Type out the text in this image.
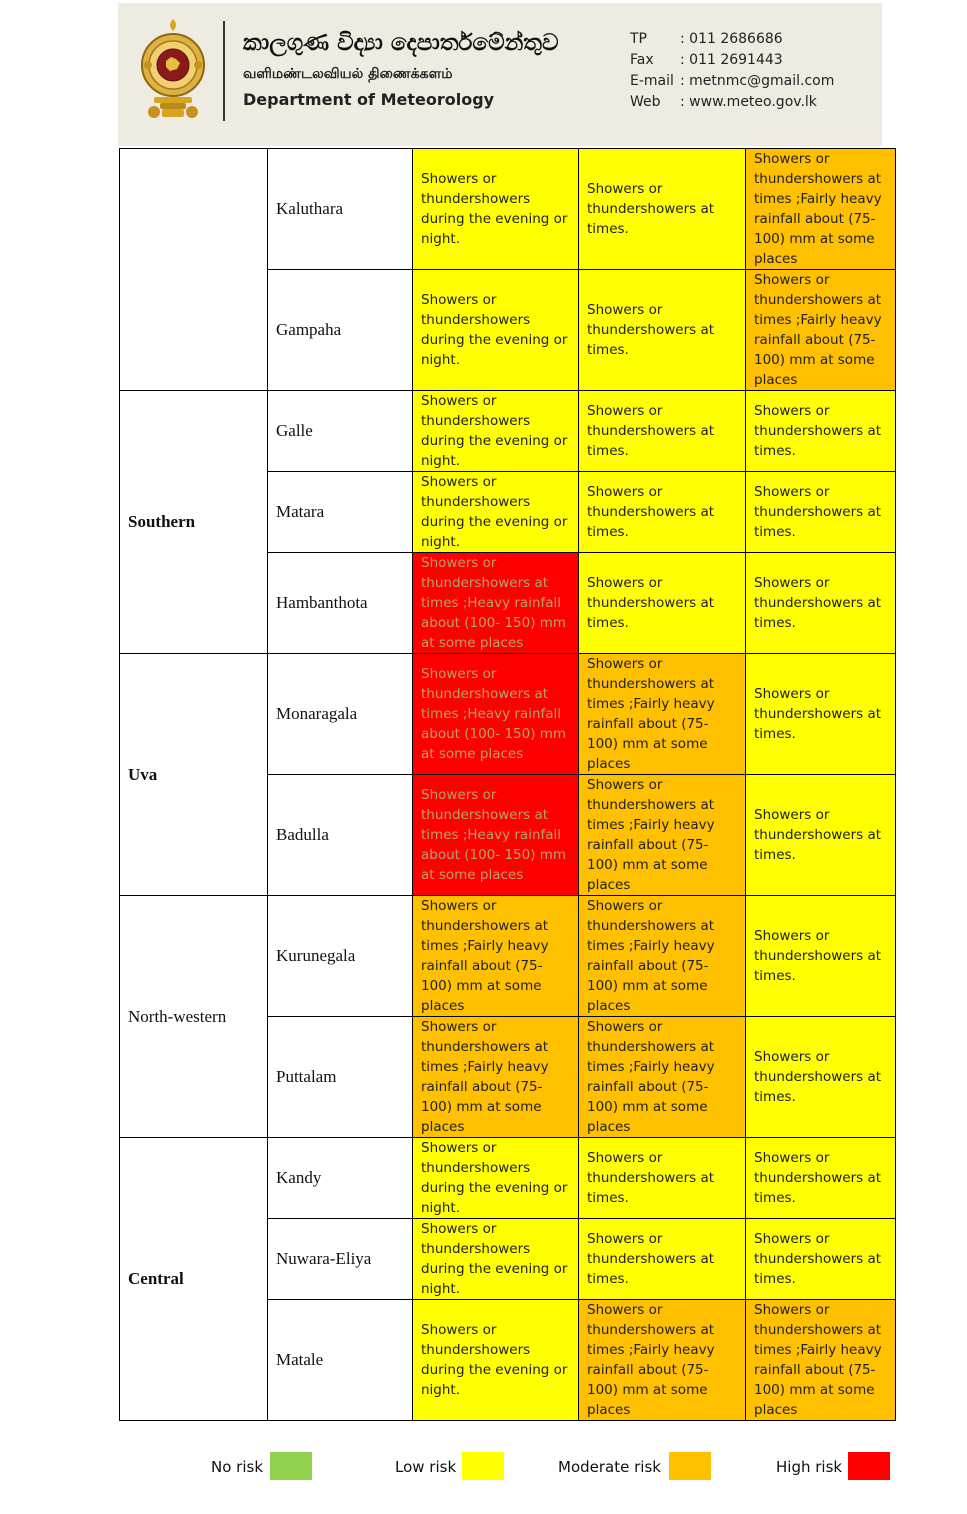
කාලගුණ විද්‍යා දෙපාර්තමේන්තුව
வளிமண்டலவியல் திணைக்களம்
Department of Meteorology
TP	: 011 2686686
Fax	: 011 2691443
E-mail : metnmc@gmail.com
Web	: www.meteo.gov.lk
	Kaluthara	Showers or thundershowers during the evening or night.	Showers or thundershowers at times.	Showers or thundershowers at times ;Fairly heavy rainfall about (75-100) mm at some places
	Gampaha	Showers or thundershowers during the evening or night.	Showers or thundershowers at times.	Showers or thundershowers at times ;Fairly heavy rainfall about (75-100) mm at some places
Southern	Galle	Showers or thundershowers during the evening or night.	Showers or thundershowers at times.	Showers or thundershowers at times.
	Matara	Showers or thundershowers during the evening or night.	Showers or thundershowers at times.	Showers or thundershowers at times.
	Hambanthota	Showers or thundershowers at times ;Heavy rainfall about (100- 150) mm at some places	Showers or thundershowers at times.	Showers or thundershowers at times.
Uva	Monaragala	Showers or thundershowers at times ;Heavy rainfall about (100- 150) mm at some places	Showers or thundershowers at times ;Fairly heavy rainfall about (75-100) mm at some places	Showers or thundershowers at times.
	Badulla	Showers or thundershowers at times ;Heavy rainfall about (100- 150) mm at some places	Showers or thundershowers at times ;Fairly heavy rainfall about (75-100) mm at some places	Showers or thundershowers at times.
North-western	Kurunegala	Showers or thundershowers at times ;Fairly heavy rainfall about (75-100) mm at some places	Showers or thundershowers at times ;Fairly heavy rainfall about (75-100) mm at some places	Showers or thundershowers at times.
	Puttalam	Showers or thundershowers at times ;Fairly heavy rainfall about (75-100) mm at some places	Showers or thundershowers at times ;Fairly heavy rainfall about (75-100) mm at some places	Showers or thundershowers at times.
Central	Kandy	Showers or thundershowers during the evening or night.	Showers or thundershowers at times.	Showers or thundershowers at times.
	Nuwara-Eliya	Showers or thundershowers during the evening or night.	Showers or thundershowers at times.	Showers or thundershowers at times.
	Matale	Showers or thundershowers during the evening or night.	Showers or thundershowers at times ;Fairly heavy rainfall about (75-100) mm at some places	Showers or thundershowers at times ;Fairly heavy rainfall about (75-100) mm at some places
No risk	Low risk	Moderate risk	High risk
